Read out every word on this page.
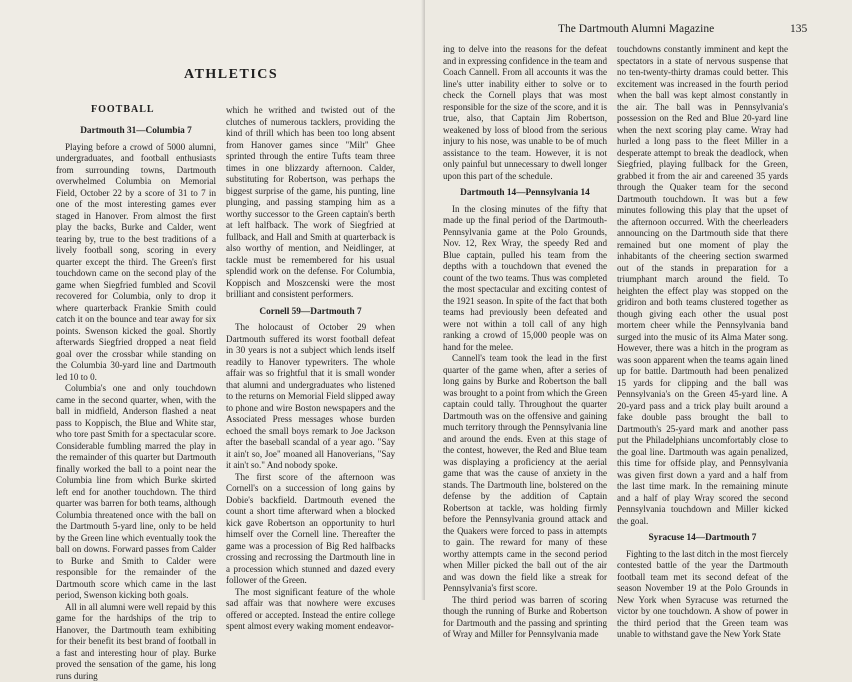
ATHLETICS
FOOTBALL

Dartmouth 31—Columbia 7

Playing before a crowd of 5000 alumni, undergraduates, and football enthusiasts from surrounding towns, Dartmouth overwhelmed Columbia on Memorial Field, October 22 by a score of 31 to 7 in one of the most interesting games ever staged in Hanover. From almost the first play the backs, Burke and Calder, went tearing by, true to the best traditions of a lively football song, scoring in every quarter except the third. The Green's first touchdown came on the second play of the game when Siegfried fumbled and Scovil recovered for Columbia, only to drop it where quarterback Frankie Smith could catch it on the bounce and tear away for six points. Swenson kicked the goal. Shortly afterwards Siegfried dropped a neat field goal over the crossbar while standing on the Columbia 30-yard line and Dartmouth led 10 to 0.

Columbia's one and only touchdown came in the second quarter, when, with the ball in midfield, Anderson flashed a neat pass to Koppisch, the Blue and White star, who tore past Smith for a spectacular score. Considerable fumbling marred the play in the remainder of this quarter but Dartmouth finally worked the ball to a point near the Columbia line from which Burke skirted left end for another touchdown. The third quarter was barren for both teams, although Columbia threatened once with the ball on the Dartmouth 5-yard line, only to be held by the Green line which eventually took the ball on downs. Forward passes from Calder to Burke and Smith to Calder were responsible for the remainder of the Dartmouth score which came in the last period, Swenson kicking both goals.

All in all alumni were well repaid by this game for the hardships of the trip to Hanover, the Dartmouth team exhibiting for their benefit its best brand of football in a fast and interesting hour of play. Burke proved the sensation of the game, his long runs during

which he writhed and twisted out of the clutches of numerous tacklers, providing the kind of thrill which has been too long absent from Hanover games since "Milt" Ghee sprinted through the entire Tufts team three times in one blizzardy afternoon. Calder, substituting for Robertson, was perhaps the biggest surprise of the game, his punting, line plunging, and passing stamping him as a worthy successor to the Green captain's berth at left halfback. The work of Siegfried at fullback, and Hall and Smith at quarterback is also worthy of mention, and Neidlinger, at tackle must be remembered for his usual splendid work on the defense. For Columbia, Koppisch and Moszcenski were the most brilliant and consistent performers.

Cornell 59—Dartmouth 7

The holocaust of October 29 when Dartmouth suffered its worst football defeat in 30 years is not a subject which lends itself readily to Hanover typewriters. The whole affair was so frightful that it is small wonder that alumni and undergraduates who listened to the returns on Memorial Field slipped away to phone and wire Boston newspapers and the Associated Press messages whose burden echoed the small boys remark to Joe Jackson after the baseball scandal of a year ago. "Say it ain't so, Joe" moaned all Hanoverians, "Say it ain't so." And nobody spoke.

The first score of the afternoon was Cornell's on a succession of long gains by Dobie's backfield. Dartmouth evened the count a short time afterward when a blocked kick gave Robertson an opportunity to hurl himself over the Cornell line. Thereafter the game was a procession of Big Red halfbacks crossing and recrossing the Dartmouth line in a procession which stunned and dazed every follower of the Green.

The most significant feature of the whole sad affair was that nowhere were excuses offered or accepted. Instead the entire college spent almost every waking moment endeavor-

The Dartmouth Alumni Magazine	135

ing to delve into the reasons for the defeat and in expressing confidence in the team and Coach Cannell. From all accounts it was the line's utter inability either to solve or to check the Cornell plays that was most responsible for the size of the score, and it is true, also, that Captain Jim Robertson, weakened by loss of blood from the serious injury to his nose, was unable to be of much assistance to the team. However, it is not only painful but unnecessary to dwell longer upon this part of the schedule.

Dartmouth 14—Pennsylvania 14

In the closing minutes of the fifty that made up the final period of the Dartmouth-Pennsylvania game at the Polo Grounds, Nov. 12, Rex Wray, the speedy Red and Blue captain, pulled his team from the depths with a touchdown that evened the count of the two teams. Thus was completed the most spectacular and exciting contest of the 1921 season. In spite of the fact that both teams had previously been defeated and were not within a toll call of any high ranking a crowd of 15,000 people was on hand for the melee.

Cannell's team took the lead in the first quarter of the game when, after a series of long gains by Burke and Robertson the ball was brought to a point from which the Green captain could tally. Throughout the quarter Dartmouth was on the offensive and gaining much territory through the Pennsylvania line and around the ends. Even at this stage of the contest, however, the Red and Blue team was displaying a proficiency at the aerial game that was the cause of anxiety in the stands. The Dartmouth line, bolstered on the defense by the addition of Captain Robertson at tackle, was holding firmly before the Pennsylvania ground attack and the Quakers were forced to pass in attempts to gain. The reward for many of these worthy attempts came in the second period when Miller picked the ball out of the air and was down the field like a streak for Pennsylvania's first score.

The third period was barren of scoring though the running of Burke and Robertson for Dartmouth and the passing and sprinting of Wray and Miller for Pennsylvania made

touchdowns constantly imminent and kept the spectators in a state of nervous suspense that no ten-twenty-thirty dramas could better. This excitement was increased in the fourth period when the ball was kept almost constantly in the air. The ball was in Pennsylvania's possession on the Red and Blue 20-yard line when the next scoring play came. Wray had hurled a long pass to the fleet Miller in a desperate attempt to break the deadlock, when Siegfried, playing fullback for the Green, grabbed it from the air and careened 35 yards through the Quaker team for the second Dartmouth touchdown. It was but a few minutes following this play that the upset of the afternoon occurred. With the cheerleaders announcing on the Dartmouth side that there remained but one moment of play the inhabitants of the cheering section swarmed out of the stands in preparation for a triumphant march around the field. To heighten the effect play was stopped on the gridiron and both teams clustered together as though giving each other the usual post mortem cheer while the Pennsylvania band surged into the music of its Alma Mater song. However, there was a hitch in the program as was soon apparent when the teams again lined up for battle. Dartmouth had been penalized 15 yards for clipping and the ball was Pennsylvania's on the Green 45-yard line. A 20-yard pass and a trick play built around a fake double pass brought the ball to Dartmouth's 25-yard mark and another pass put the Philadelphians uncomfortably close to the goal line. Dartmouth was again penalized, this time for offside play, and Pennsylvania was given first down a yard and a half from the last time mark. In the remaining minute and a half of play Wray scored the second Pennsylvania touchdown and Miller kicked the goal.

Syracuse 14—Dartmouth 7

Fighting to the last ditch in the most fiercely contested battle of the year the Dartmouth football team met its second defeat of the season November 19 at the Polo Grounds in New York when Syracuse was returned the victor by one touchdown. A show of power in the third period that the Green team was unable to withstand gave the New York State
